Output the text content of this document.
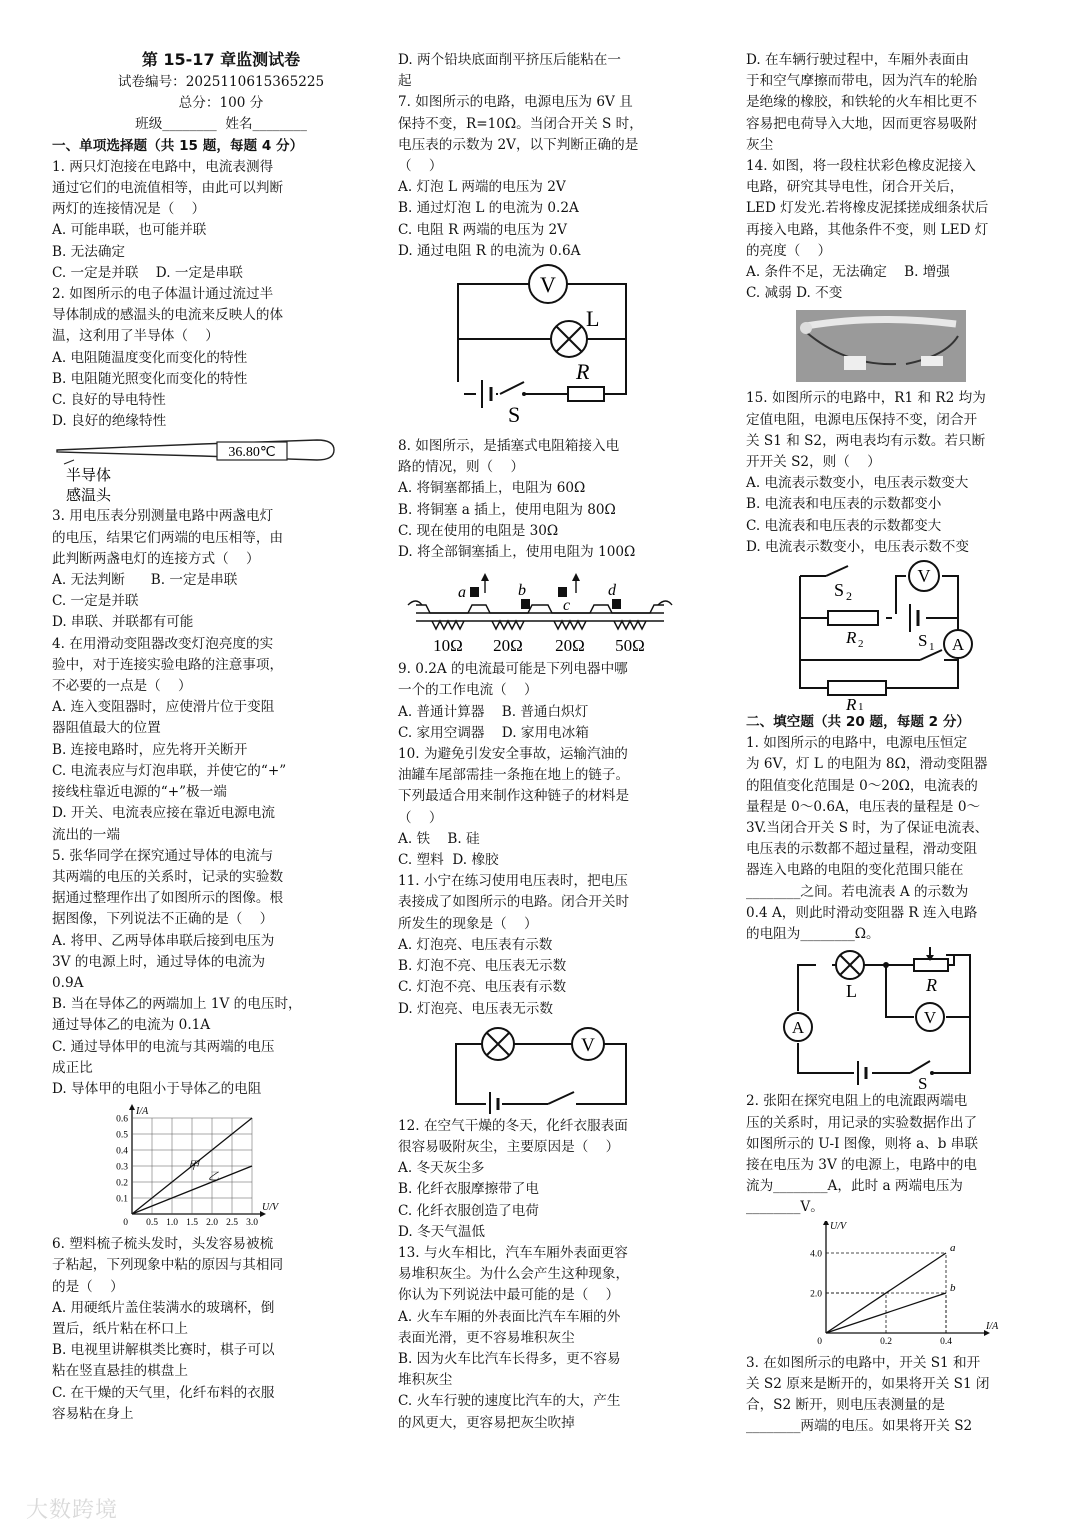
第 15-17 章监测试卷
试卷编号：2025110615365225
总分：100 分
班级________  姓名________
一、单项选择题（共 15 题，每题 4 分）
1. 两只灯泡接在电路中，电流表测得
通过它们的电流值相等，由此可以判断
两灯的连接情况是（    ）
A. 可能串联，也可能并联
B. 无法确定
C. 一定是并联    D. 一定是串联
2. 如图所示的电子体温计通过流过半
导体制成的感温头的电流来反映人的体
温，这利用了半导体（    ）
A. 电阻随温度变化而变化的特性
B. 电阻随光照变化而变化的特性
C. 良好的导电特性
D. 良好的绝缘特性
36.80℃
半导体
感温头
3. 用电压表分别测量电路中两盏电灯
的电压，结果它们两端的电压相等，由
此判断两盏电灯的连接方式（    ）
A. 无法判断      B. 一定是串联
C. 一定是并联
D. 串联、并联都有可能
4. 在用滑动变阻器改变灯泡亮度的实
验中，对于连接实验电路的注意事项，
不必要的一点是（    ）
A. 连入变阻器时，应使滑片位于变阻
器阻值最大的位置
B. 连接电路时，应先将开关断开
C. 电流表应与灯泡串联，并使它的“+”
接线柱靠近电源的“+”极一端
D. 开关、电流表应接在靠近电源电流
流出的一端
5. 张华同学在探究通过导体的电流与
其两端的电压的关系时，记录的实验数
据通过整理作出了如图所示的图像。根
据图像，下列说法不正确的是（    ）
A. 将甲、乙两导体串联后接到电压为
3V 的电源上时，通过导体的电流为
0.9A
B. 当在导体乙的两端加上 1V 的电压时，
通过导体乙的电流为 0.1A
C. 通过导体甲的电流与其两端的电压
成正比
D. 导体甲的电阻小于导体乙的电阻
0.5 1.0 1.5 2.0 2.5 3.0
0.1
0.2
0.3
0.4
0.5
0.6
0
I/A
U/V
甲
乙
6. 塑料梳子梳头发时，头发容易被梳
子粘起，下列现象中粘的原因与其相同
的是（    ）
A. 用硬纸片盖住装满水的玻璃杯，倒
置后，纸片粘在杯口上
B. 电视里讲解棋类比赛时，棋子可以
粘在竖直悬挂的棋盘上
C. 在干燥的天气里，化纤布料的衣服
容易粘在身上
D. 两个铅块底面削平挤压后能粘在一
起
7. 如图所示的电路，电源电压为 6V 且
保持不变，R=10Ω。当闭合开关 S 时，
电压表的示数为 2V，以下判断正确的是
（    ）
A. 灯泡 L 两端的电压为 2V
B. 通过灯泡 L 的电流为 0.2A
C. 电阻 R 两端的电压为 2V
D. 通过电阻 R 的电流为 0.6A
V
L
S
R
8. 如图所示，是插塞式电阻箱接入电
路的情况，则（    ）
A. 将铜塞都插上，电阻为 60Ω
B. 将铜塞 a 插上，使用电阻为 80Ω
C. 现在使用的电阻是 30Ω
D. 将全部铜塞插上，使用电阻为 100Ω
a	b
c
d
10Ω 20Ω 20Ω 50Ω
9. 0.2A 的电流最可能是下列电器中哪
一个的工作电流（    ）
A. 普通计算器    B. 普通白炽灯
C. 家用空调器    D. 家用电冰箱
10. 为避免引发安全事故，运输汽油的
油罐车尾部需挂一条拖在地上的链子。
下列最适合用来制作这种链子的材料是
（    ）
A. 铁    B. 硅
C. 塑料  D. 橡胶
11. 小宁在练习使用电压表时，把电压
表接成了如图所示的电路。闭合开关时
所发生的现象是（    ）
A. 灯泡亮、电压表有示数
B. 灯泡不亮、电压表无示数
C. 灯泡不亮、电压表有示数
D. 灯泡亮、电压表无示数
V
12. 在空气干燥的冬天，化纤衣服表面
很容易吸附灰尘，主要原因是（    ）
A. 冬天灰尘多
B. 化纤衣服摩擦带了电
C. 化纤衣服创造了电荷
D. 冬天气温低
13. 与火车相比，汽车车厢外表面更容
易堆积灰尘。为什么会产生这种现象，
你认为下列说法中最可能的是（    ）
A. 火车车厢的外表面比汽车车厢的外
表面光滑，更不容易堆积灰尘
B. 因为火车比汽车长得多，更不容易
堆积灰尘
C. 火车行驶的速度比汽车的大，产生
的风更大，更容易把灰尘吹掉
D. 在车辆行驶过程中，车厢外表面由
于和空气摩擦而带电，因为汽车的轮胎
是绝缘的橡胶，和铁轮的火车相比更不
容易把电荷导入大地，因而更容易吸附
灰尘
14. 如图，将一段柱状彩色橡皮泥接入
电路，研究其导电性，闭合开关后，
LED 灯发光.若将橡皮泥揉搓成细条状后
再接入电路，其他条件不变，则 LED 灯
的亮度（    ）
A. 条件不足，无法确定    B. 增强
C. 减弱 D. 不变
15. 如图所示的电路中，R1 和 R2 均为
定值电阻，电源电压保持不变，闭合开
关 S1 和 S2，两电表均有示数。若只断
开开关 S2，则（    ）
A. 电流表示数变小，电压表示数变大
B. 电流表和电压表的示数都变小
C. 电流表和电压表的示数都变大
D. 电流表示数变小，电压表示数不变
S 2
V
R 2	A
S 1
R 1
二、填空题（共 20 题，每题 2 分）
1. 如图所示的电路中，电源电压恒定
为 6V，灯 L 的电阻为 8Ω，滑动变阻器
的阻值变化范围是 0～20Ω，电流表的
量程是 0～0.6A，电压表的量程是 0～
3V.当闭合开关 S 时，为了保证电流表、
电压表的示数都不超过量程，滑动变阻
器连入电路的电阻的变化范围只能在
________之间。若电流表 A 的示数为
0.4 A，则此时滑动变阻器 R 连入电路
的电阻为________Ω。
L	R
A
V
S
2. 张阳在探究电阻上的电流跟两端电
压的关系时，用记录的实验数据作出了
如图所示的 U-I 图像，则将 a、b 串联
接在电压为 3V 的电源上，电路中的电
流为________A，此时 a 两端电压为
________V。
0.2	0.4
2.0
4.0
0
U/V
I/A
a
b
3. 在如图所示的电路中，开关 S1 和开
关 S2 原来是断开的，如果将开关 S1 闭
合，S2 断开，则电压表测量的是
________两端的电压。如果将开关 S2
大数跨境
